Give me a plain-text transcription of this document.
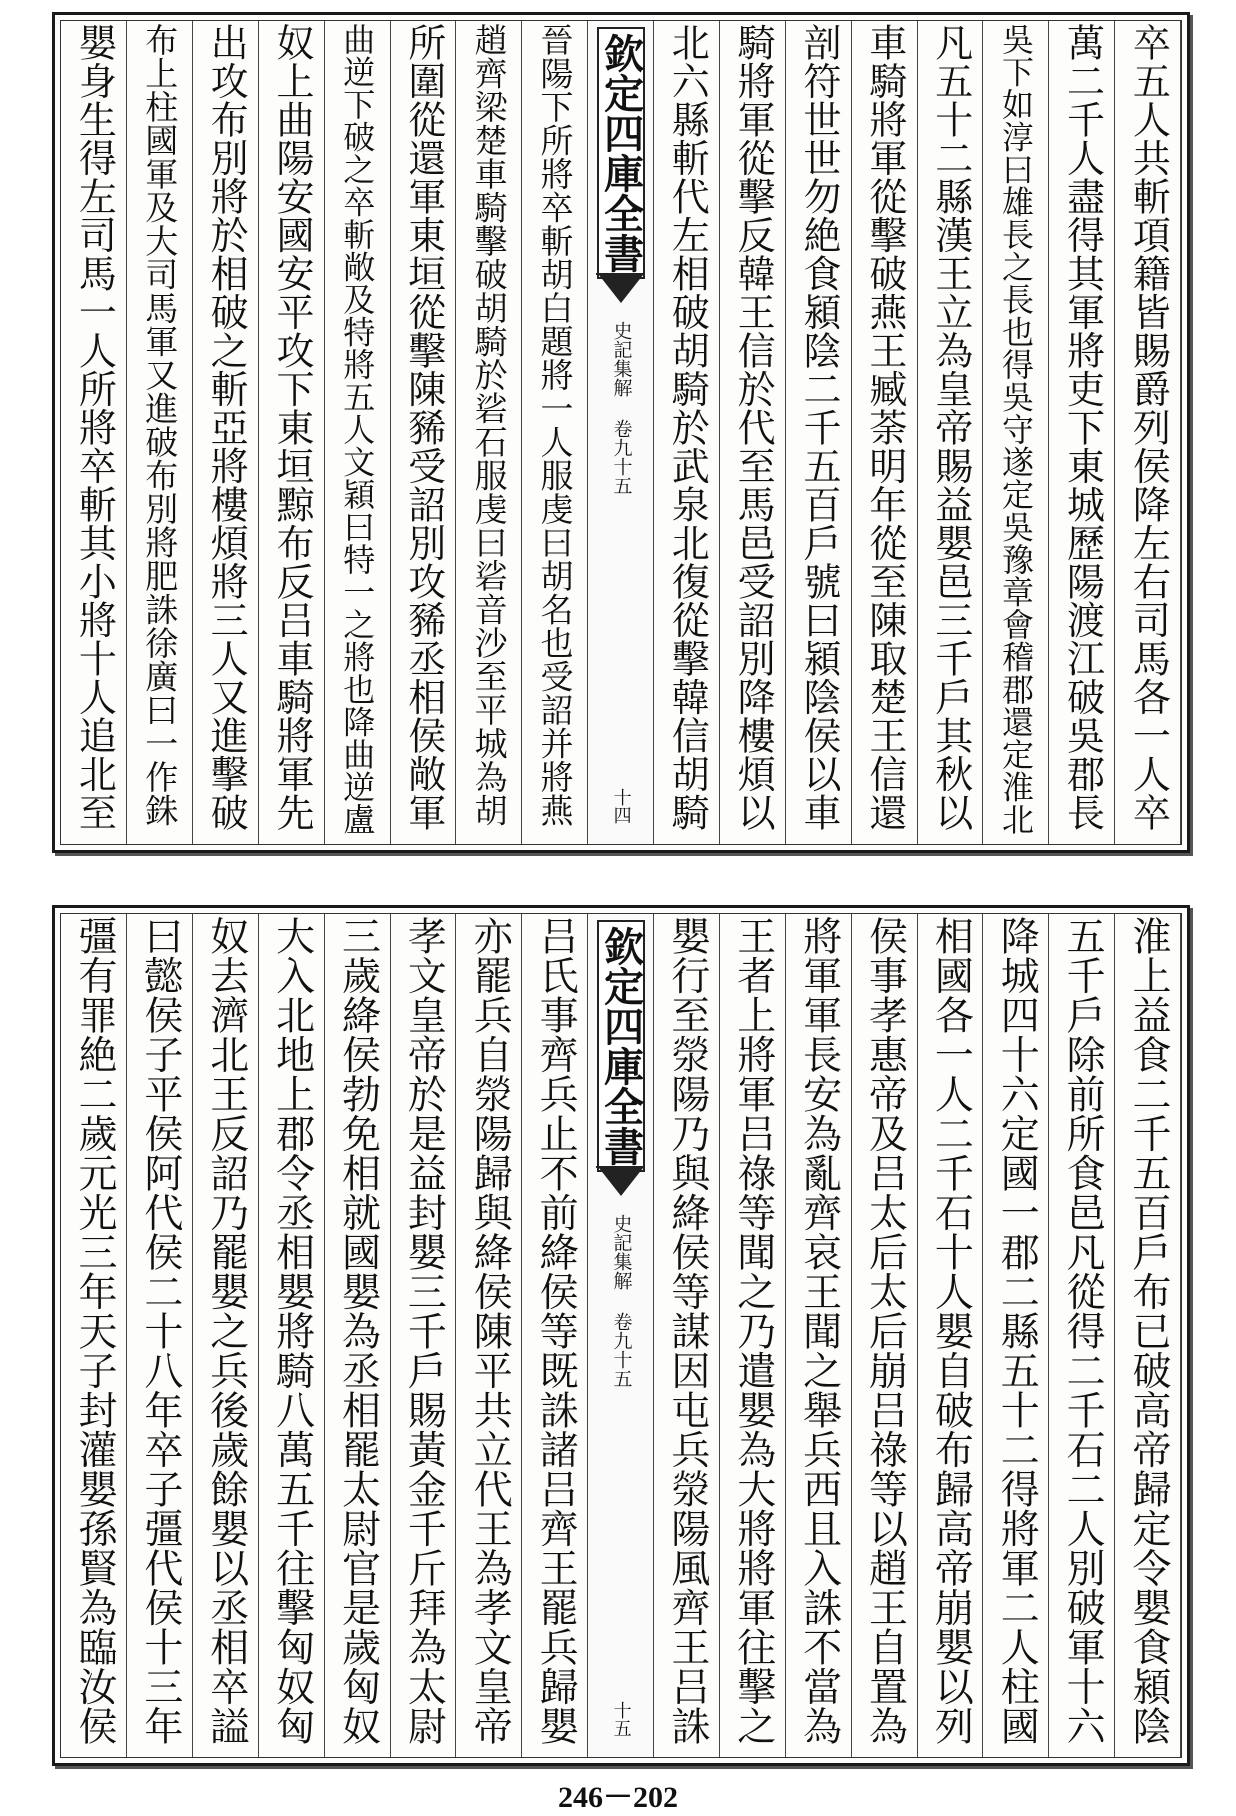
卒五人共斬項籍皆賜爵列侯降左右司馬各一人卒
萬二千人盡得其軍將吏下東城歷陽渡江破吳郡長
吳下如淳曰雄長之長也得吳守遂定吳豫章會稽郡還定淮北
凡五十二縣漢王立為皇帝賜益嬰邑三千戶其秋以
車騎將軍從擊破燕王臧荼明年從至陳取楚王信還
剖符世世勿絶食潁陰二千五百戶號曰潁陰侯以車
騎將軍從擊反韓王信於代至馬邑受詔別降樓煩以
北六縣斬代左相破胡騎於武泉北復從擊韓信胡騎
欽定四庫全書
史記集解 卷九十五
十四
晉陽下所將卒斬胡白題將一人服虔曰胡名也受詔并將燕
趙齊梁楚車騎擊破胡騎於硰石服虔曰硰音沙至平城為胡
所圍從還軍東垣從擊陳豨受詔別攻豨丞相侯敞軍
曲逆下破之卒斬敞及特將五人文穎曰特一之將也降曲逆盧
奴上曲陽安國安平攻下東垣黥布反吕車騎將軍先
出攻布別將於相破之斬亞將樓煩將三人又進擊破
布上柱國軍及大司馬軍又進破布別將肥誅徐廣曰一作銖
嬰身生得左司馬一人所將卒斬其小將十人追北至
淮上益食二千五百戶布已破高帝歸定令嬰食潁陰
五千戶除前所食邑凡從得二千石二人別破軍十六
降城四十六定國一郡二縣五十二得將軍二人柱國
相國各一人二千石十人嬰自破布歸高帝崩嬰以列
侯事孝惠帝及吕太后太后崩吕祿等以趙王自置為
將軍軍長安為亂齊哀王聞之舉兵西且入誅不當為
王者上將軍吕祿等聞之乃遣嬰為大將將軍往擊之
嬰行至滎陽乃與絳侯等謀因屯兵滎陽風齊王吕誅
欽定四庫全書
史記集解 卷九十五
十五
吕氏事齊兵止不前絳侯等既誅諸吕齊王罷兵歸嬰
亦罷兵自滎陽歸與絳侯陳平共立代王為孝文皇帝
孝文皇帝於是益封嬰三千戶賜黃金千斤拜為太尉
三歲絳侯勃免相就國嬰為丞相罷太尉官是歲匈奴
大入北地上郡令丞相嬰將騎八萬五千往擊匈奴匈
奴去濟北王反詔乃罷嬰之兵後歲餘嬰以丞相卒謚
曰懿侯子平侯阿代侯二十八年卒子彊代侯十三年
彊有罪絶二歲元光三年天子封灌嬰孫賢為臨汝侯
246－202
